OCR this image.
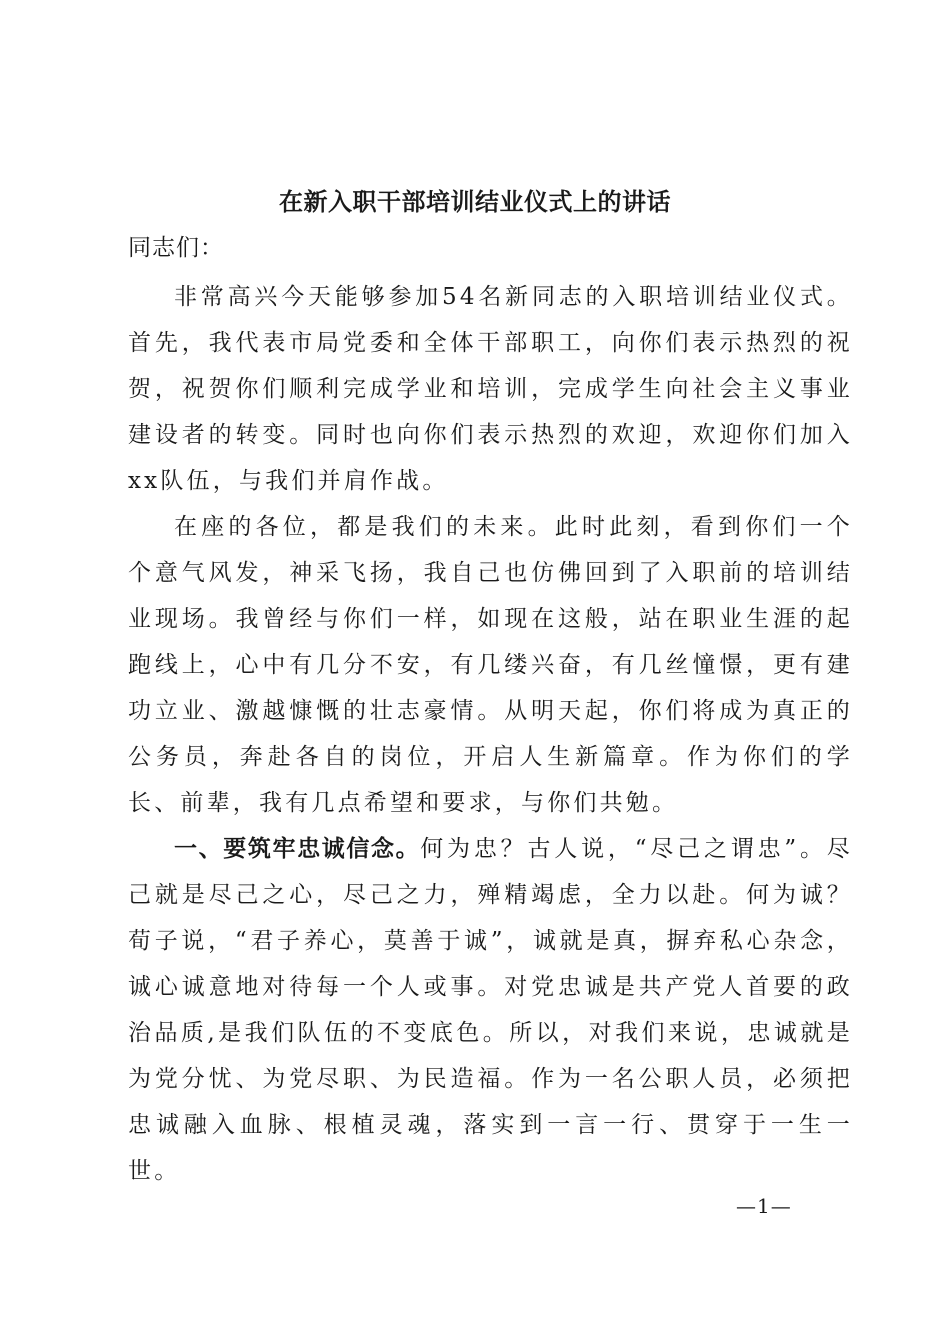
在新入职干部培训结业仪式上的讲话
同志们：

非常高兴今天能够参加54名新同志的入职培训结业仪式。首先，我代表市局党委和全体干部职工，向你们表示热烈的祝贺，祝贺你们顺利完成学业和培训，完成学生向社会主义事业建设者的转变。同时也向你们表示热烈的欢迎，欢迎你们加入xx队伍，与我们并肩作战。

在座的各位，都是我们的未来。此时此刻，看到你们一个个意气风发，神采飞扬，我自己也仿佛回到了入职前的培训结业现场。我曾经与你们一样，如现在这般，站在职业生涯的起跑线上，心中有几分不安，有几缕兴奋，有几丝憧憬，更有建功立业、激越慷慨的壮志豪情。从明天起，你们将成为真正的公务员，奔赴各自的岗位，开启人生新篇章。作为你们的学长、前辈，我有几点希望和要求，与你们共勉。

一、要筑牢忠诚信念。何为忠？古人说，“尽己之谓忠”。尽己就是尽己之心，尽己之力，殚精竭虑，全力以赴。何为诚？荀子说，“君子养心，莫善于诚”，诚就是真，摒弃私心杂念，诚心诚意地对待每一个人或事。对党忠诚是共产党人首要的政治品质,是我们队伍的不变底色。所以，对我们来说，忠诚就是为党分忧、为党尽职、为民造福。作为一名公职人员，必须把忠诚融入血脉、根植灵魂，落实到一言一行、贯穿于一生一世。

—1—
